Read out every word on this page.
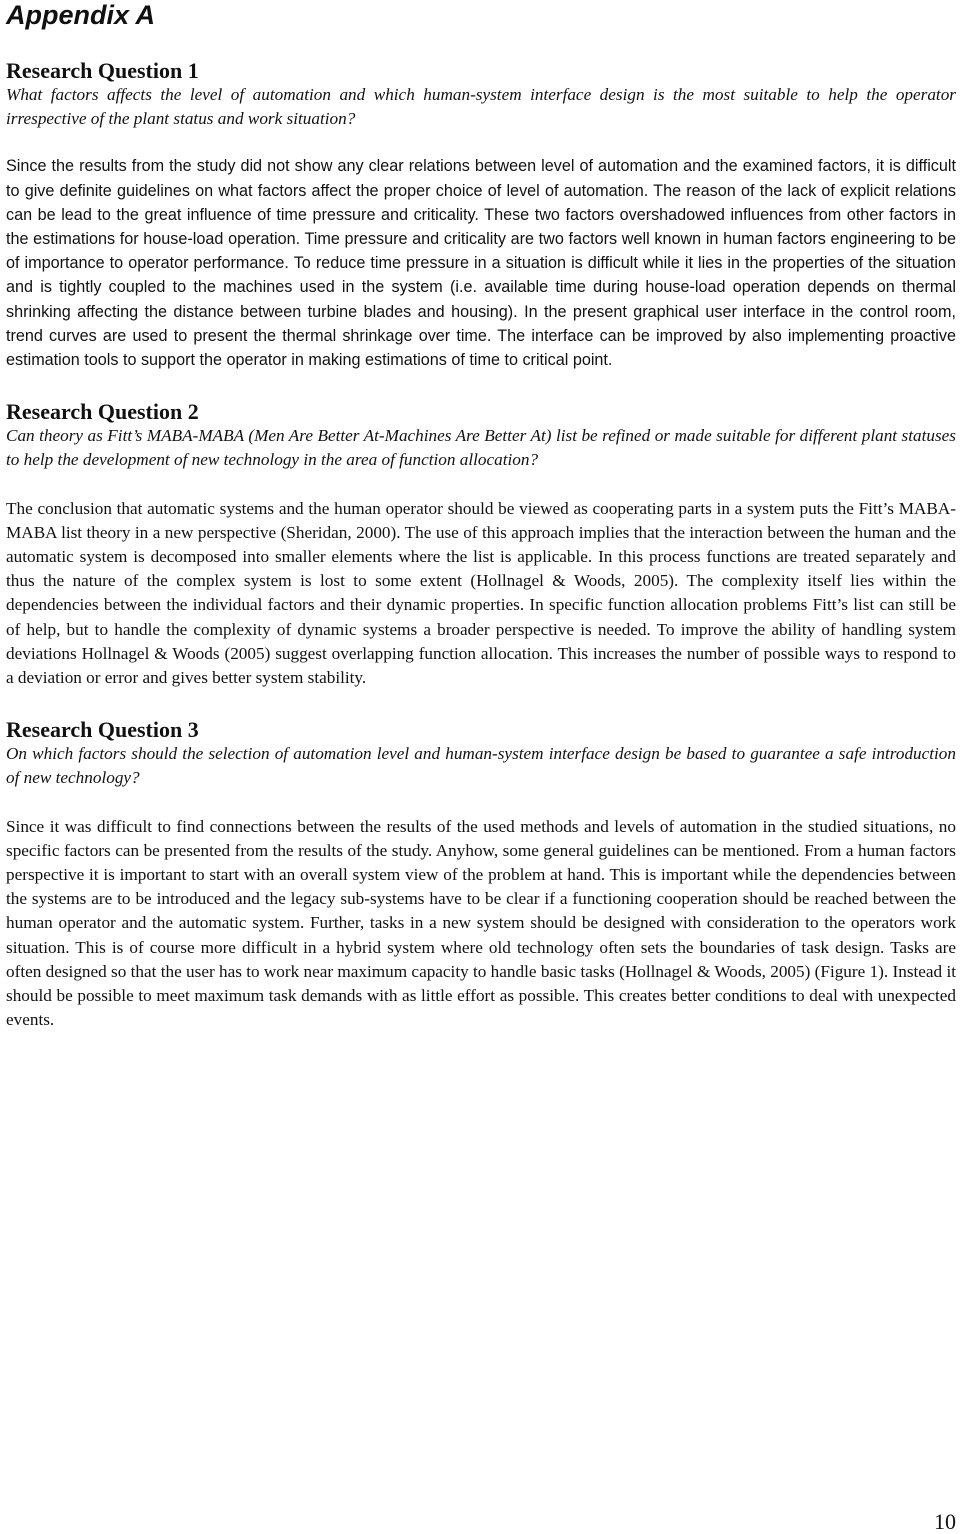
Appendix A
Research Question 1

What factors affects the level of automation and which human-system interface design is the most suitable to help the operator irrespective of the plant status and work situation?

Since the results from the study did not show any clear relations between level of automation and the examined factors, it is difficult to give definite guidelines on what factors affect the proper choice of level of automation. The reason of the lack of explicit relations can be lead to the great influence of time pressure and criticality. These two factors overshadowed influences from other factors in the estimations for house-load operation. Time pressure and criticality are two factors well known in human factors engineering to be of importance to operator performance. To reduce time pressure in a situation is difficult while it lies in the properties of the situation and is tightly coupled to the machines used in the system (i.e. available time during house-load operation depends on thermal shrinking affecting the distance between turbine blades and housing). In the present graphical user interface in the control room, trend curves are used to present the thermal shrinkage over time. The interface can be improved by also implementing proactive estimation tools to support the operator in making estimations of time to critical point.

Research Question 2

Can theory as Fitt’s MABA-MABA (Men Are Better At-Machines Are Better At) list be refined or made suitable for different plant statuses to help the development of new technology in the area of function allocation?

The conclusion that automatic systems and the human operator should be viewed as cooperating parts in a system puts the Fitt’s MABA-MABA list theory in a new perspective (Sheridan, 2000). The use of this approach implies that the interaction between the human and the automatic system is decomposed into smaller elements where the list is applicable. In this process functions are treated separately and thus the nature of the complex system is lost to some extent (Hollnagel & Woods, 2005). The complexity itself lies within the dependencies between the individual factors and their dynamic properties. In specific function allocation problems Fitt’s list can still be of help, but to handle the complexity of dynamic systems a broader perspective is needed. To improve the ability of handling system deviations Hollnagel & Woods (2005) suggest overlapping function allocation. This increases the number of possible ways to respond to a deviation or error and gives better system stability.

Research Question 3

On which factors should the selection of automation level and human-system interface design be based to guarantee a safe introduction of new technology?

Since it was difficult to find connections between the results of the used methods and levels of automation in the studied situations, no specific factors can be presented from the results of the study. Anyhow, some general guidelines can be mentioned. From a human factors perspective it is important to start with an overall system view of the problem at hand. This is important while the dependencies between the systems are to be introduced and the legacy sub-systems have to be clear if a functioning cooperation should be reached between the human operator and the automatic system. Further, tasks in a new system should be designed with consideration to the operators work situation. This is of course more difficult in a hybrid system where old technology often sets the boundaries of task design. Tasks are often designed so that the user has to work near maximum capacity to handle basic tasks (Hollnagel & Woods, 2005) (Figure 1). Instead it should be possible to meet maximum task demands with as little effort as possible. This creates better conditions to deal with unexpected events.

10
